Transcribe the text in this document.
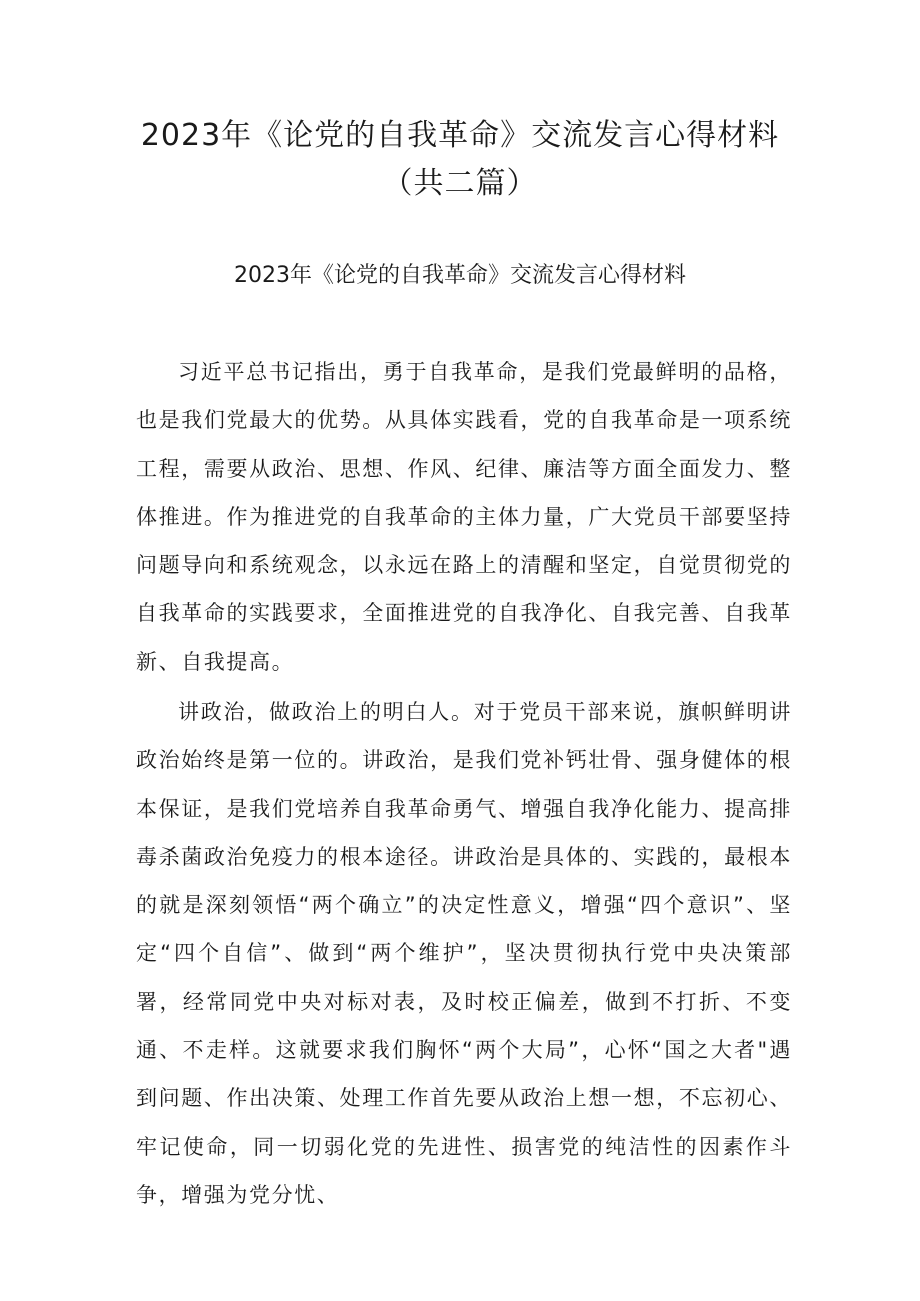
2023年《论党的自我革命》交流发言心得材料
（共二篇）
2023年《论党的自我革命》交流发言心得材料

习近平总书记指出，勇于自我革命，是我们党最鲜明的品格，也是我们党最大的优势。从具体实践看，党的自我革命是一项系统工程，需要从政治、思想、作风、纪律、廉洁等方面全面发力、整体推进。作为推进党的自我革命的主体力量，广大党员干部要坚持问题导向和系统观念，以永远在路上的清醒和坚定，自觉贯彻党的自我革命的实践要求，全面推进党的自我净化、自我完善、自我革新、自我提高。

讲政治，做政治上的明白人。对于党员干部来说，旗帜鲜明讲政治始终是第一位的。讲政治，是我们党补钙壮骨、强身健体的根本保证，是我们党培养自我革命勇气、增强自我净化能力、提高排毒杀菌政治免疫力的根本途径。讲政治是具体的、实践的，最根本的就是深刻领悟“两个确立”的决定性意义，增强“四个意识”、坚定“四个自信”、做到“两个维护”，坚决贯彻执行党中央决策部署，经常同党中央对标对表，及时校正偏差，做到不打折、不变通、不走样。这就要求我们胸怀“两个大局”，心怀“国之大者"遇到问题、作出决策、处理工作首先要从政治上想一想，不忘初心、牢记使命，同一切弱化党的先进性、损害党的纯洁性的因素作斗争，增强为党分忧、
